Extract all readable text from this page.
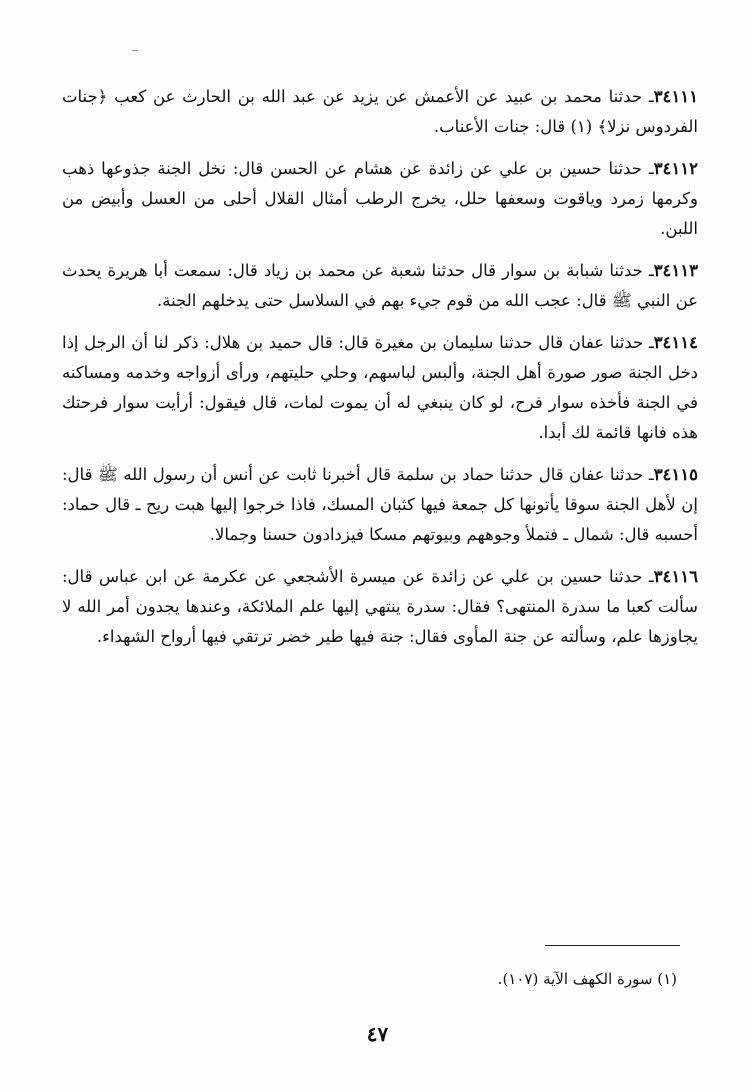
٣٤١١١ـ حدثنا محمد بن عبيد عن الأعمش عن يزيد عن عبد الله بن الحارث عن كعب ﴿جنات الفردوس نزلا﴾ (١) قال: جنات الأعناب.

٣٤١١٢ـ حدثنا حسين بن علي عن زائدة عن هشام عن الحسن قال: نخل الجنة جذوعها ذهب وكرمها زمرد وياقوت وسعفها حلل، يخرج الرطب أمثال القلال أحلى من العسل وأبيض من اللبن.

٣٤١١٣ـ حدثنا شبابة بن سوار قال حدثنا شعبة عن محمد بن زياد قال: سمعت أبا هريرة يحدث عن النبي ﷺ قال: عجب الله من قوم جيء بهم في السلاسل حتى يدخلهم الجنة.

٣٤١١٤ـ حدثنا عفان قال حدثنا سليمان بن مغيرة قال: قال حميد بن هلال: ذكر لنا أن الرجل إذا دخل الجنة صور صورة أهل الجنة، وألبس لباسهم، وحلي حليتهم، ورأى أزواجه وخدمه ومساكنه في الجنة فأخذه سوار فرح، لو كان ينبغي له أن يموت لمات، قال فيقول: أرأيت سوار فرحتك هذه فانها قائمة لك أبدا.

٣٤١١٥ـ حدثنا عفان قال حدثنا حماد بن سلمة قال أخبرنا ثابت عن أنس أن رسول الله ﷺ قال: إن لأهل الجنة سوقا يأتونها كل جمعة فيها كثبان المسك، فاذا خرجوا إليها هبت ريح ـ قال حماد: أحسبه قال: شمال ـ فتملأ وجوههم وبيوتهم مسكا فيزدادون حسنا وجمالا.

٣٤١١٦ـ حدثنا حسين بن علي عن زائدة عن ميسرة الأشجعي عن عكرمة عن ابن عباس قال: سألت كعبا ما سدرة المنتهى؟ فقال: سدرة ينتهي إليها علم الملائكة، وعندها يجدون أمر الله لا يجاوزها علم، وسألته عن جنة المأوى فقال: جنة فيها طير خضر ترتقي فيها أرواح الشهداء.

(١) سورة الكهف الآية (١٠٧).
٤٧
